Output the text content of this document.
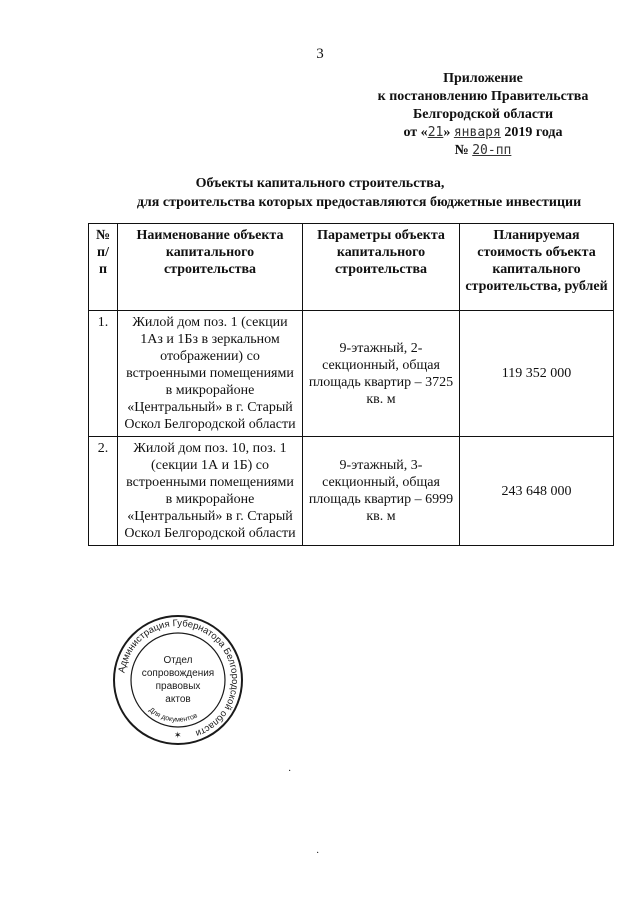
3
Приложение
к постановлению Правительства
Белгородской области
от «21» января 2019 года
№ 20-пп
Объекты капитального строительства,
для строительства которых предоставляются бюджетные инвестиции
№ п/п	Наименование объекта капитального строительства	Параметры объекта капитального строительства	Планируемая стоимость объекта капитального строительства, рублей
1.	Жилой дом поз. 1 (секции 1Аз и 1Бз в зеркальном отображении) со встроенными помещениями в микрорайоне «Центральный» в г. Старый Оскол Белгородской области	9-этажный, 2-секционный, общая площадь квартир – 3725 кв. м	119 352 000
2.	Жилой дом поз. 10, поз. 1 (секции 1А и 1Б) со встроенными помещениями в микрорайоне «Центральный» в г. Старый Оскол Белгородской области	9-этажный, 3-секционный, общая площадь квартир – 6999 кв. м	243 648 000
Администрация Губернатора Белгородской области
Для документов
Отдел
сопровождения
правовых
актов
✶
·
·
